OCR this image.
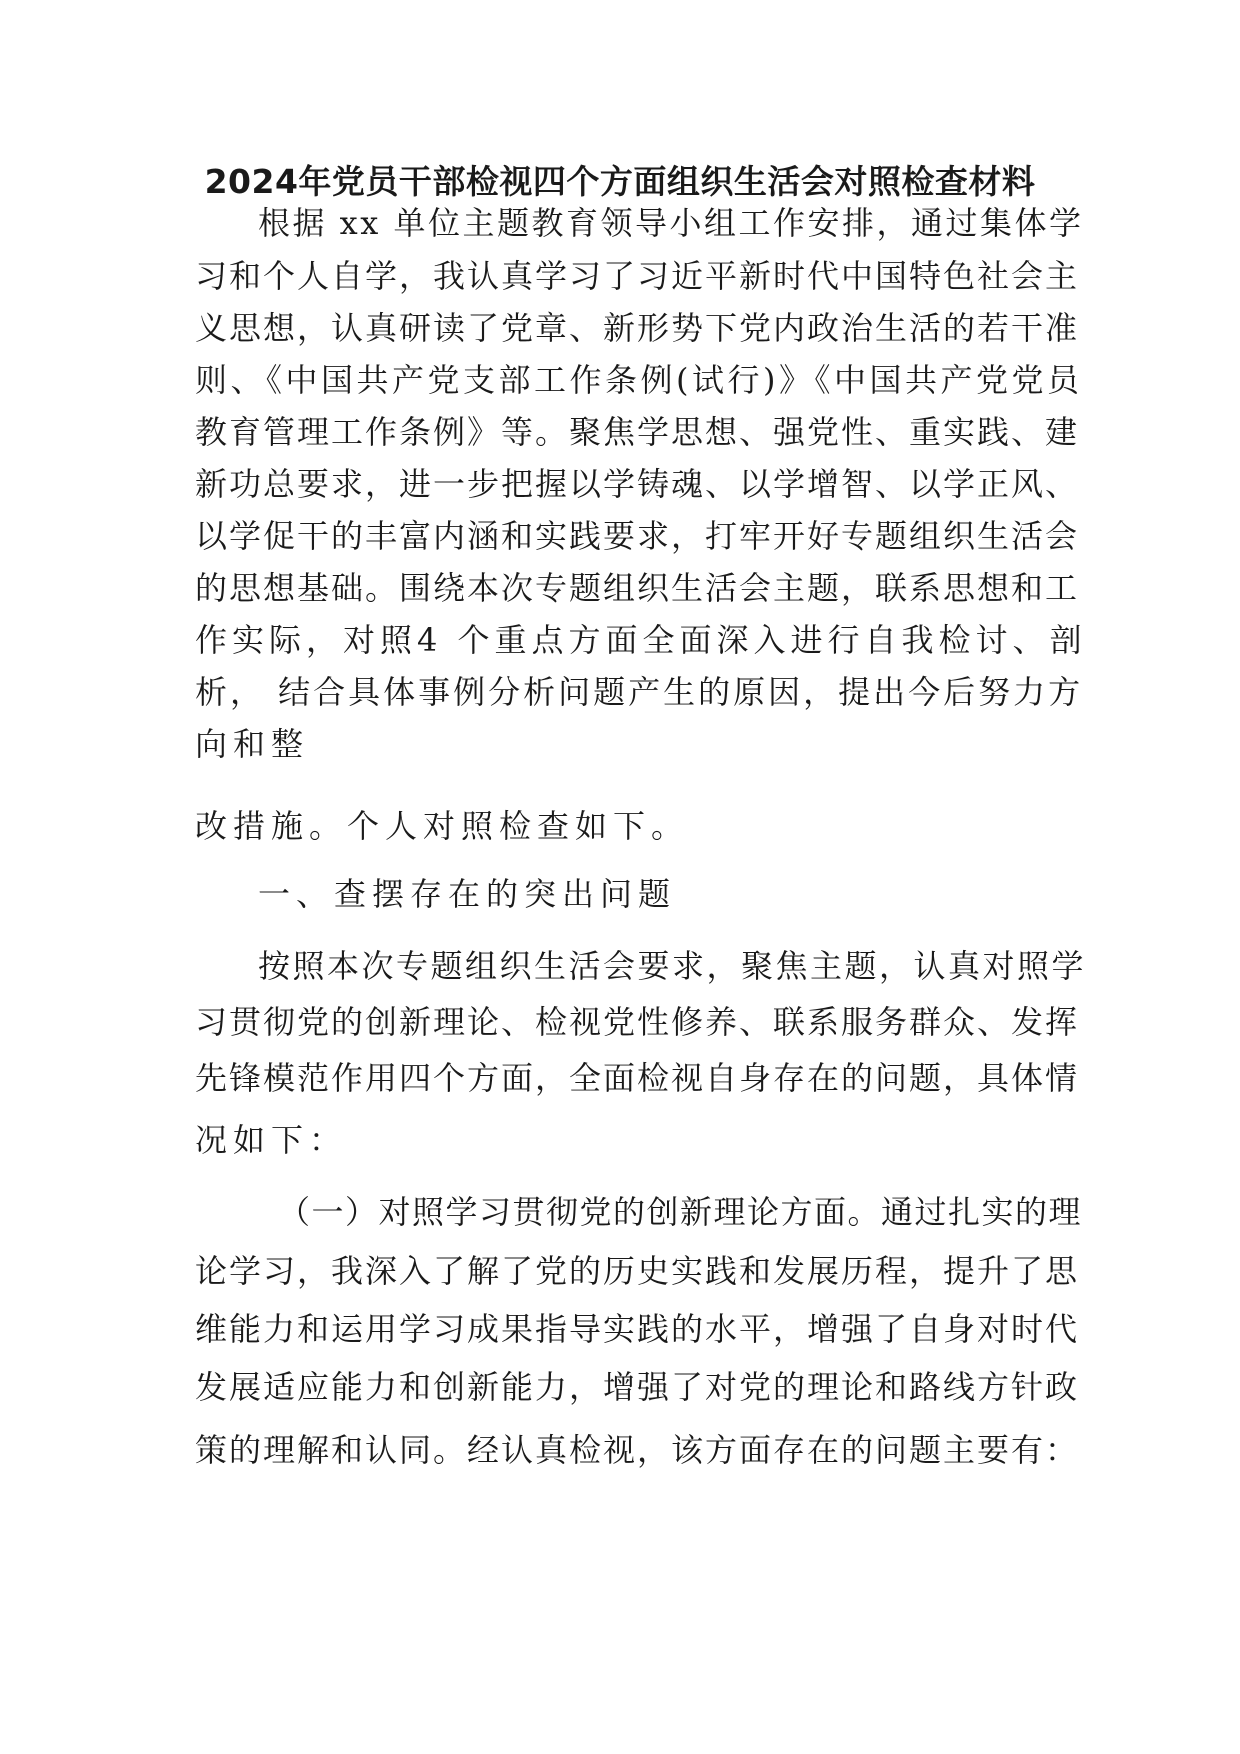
2024年党员干部检视四个方面组织生活会对照检查材料
根据 xx 单位主题教育领导小组工作安排，通过集体学
习和个人自学，我认真学习了习近平新时代中国特色社会主
义思想，认真研读了党章、新形势下党内政治生活的若干准
则、《中国共产党支部工作条例(试行)》《中国共产党党员
教育管理工作条例》等。聚焦学思想、强党性、重实践、建
新功总要求，进一步把握以学铸魂、以学增智、以学正风、
以学促干的丰富内涵和实践要求，打牢开好专题组织生活会
的思想基础。围绕本次专题组织生活会主题，联系思想和工
作实际，对照4 个重点方面全面深入进行自我检讨、剖
析， 结合具体事例分析问题产生的原因，提出今后努力方
向和整
改措施。个人对照检查如下。
一、查摆存在的突出问题
按照本次专题组织生活会要求，聚焦主题，认真对照学
习贯彻党的创新理论、检视党性修养、联系服务群众、发挥
先锋模范作用四个方面，全面检视自身存在的问题，具体情
况如下：
（一）对照学习贯彻党的创新理论方面。通过扎实的理
论学习，我深入了解了党的历史实践和发展历程，提升了思
维能力和运用学习成果指导实践的水平，增强了自身对时代
发展适应能力和创新能力，增强了对党的理论和路线方针政
策的理解和认同。经认真检视，该方面存在的问题主要有：
